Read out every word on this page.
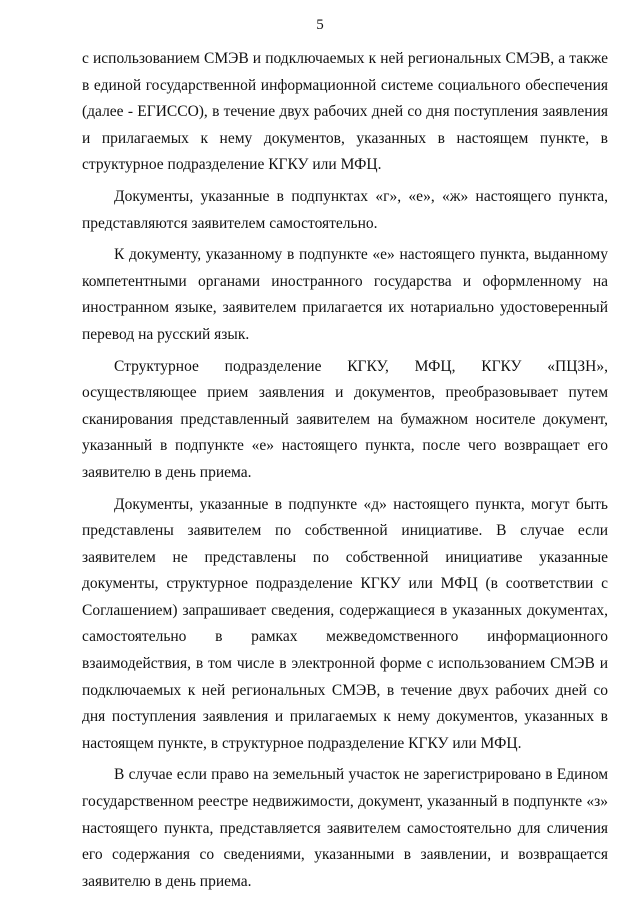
5

с использованием СМЭВ и подключаемых к ней региональных СМЭВ, а также в единой государственной информационной системе социального обеспечения (далее - ЕГИССО), в течение двух рабочих дней со дня поступления заявления и прилагаемых к нему документов, указанных в настоящем пункте, в структурное подразделение КГКУ или МФЦ.

Документы, указанные в подпунктах «г», «е», «ж» настоящего пункта, представляются заявителем самостоятельно.

К документу, указанному в подпункте «е» настоящего пункта, выданному компетентными органами иностранного государства и оформленному на иностранном языке, заявителем прилагается их нотариально удостоверенный перевод на русский язык.

Структурное подразделение КГКУ, МФЦ, КГКУ «ПЦЗН», осуществляющее прием заявления и документов, преобразовывает путем сканирования представленный заявителем на бумажном носителе документ, указанный в подпункте «е» настоящего пункта, после чего возвращает его заявителю в день приема.

Документы, указанные в подпункте «д» настоящего пункта, могут быть представлены заявителем по собственной инициативе. В случае если заявителем не представлены по собственной инициативе указанные документы, структурное подразделение КГКУ или МФЦ (в соответствии с Соглашением) запрашивает сведения, содержащиеся в указанных документах, самостоятельно в рамках межведомственного информационного взаимодействия, в том числе в электронной форме с использованием СМЭВ и подключаемых к ней региональных СМЭВ, в течение двух рабочих дней со дня поступления заявления и прилагаемых к нему документов, указанных в настоящем пункте, в структурное подразделение КГКУ или МФЦ.

В случае если право на земельный участок не зарегистрировано в Едином государственном реестре недвижимости, документ, указанный в подпункте «з» настоящего пункта, представляется заявителем самостоятельно для сличения его содержания со сведениями, указанными в заявлении, и возвращается заявителю в день приема.
